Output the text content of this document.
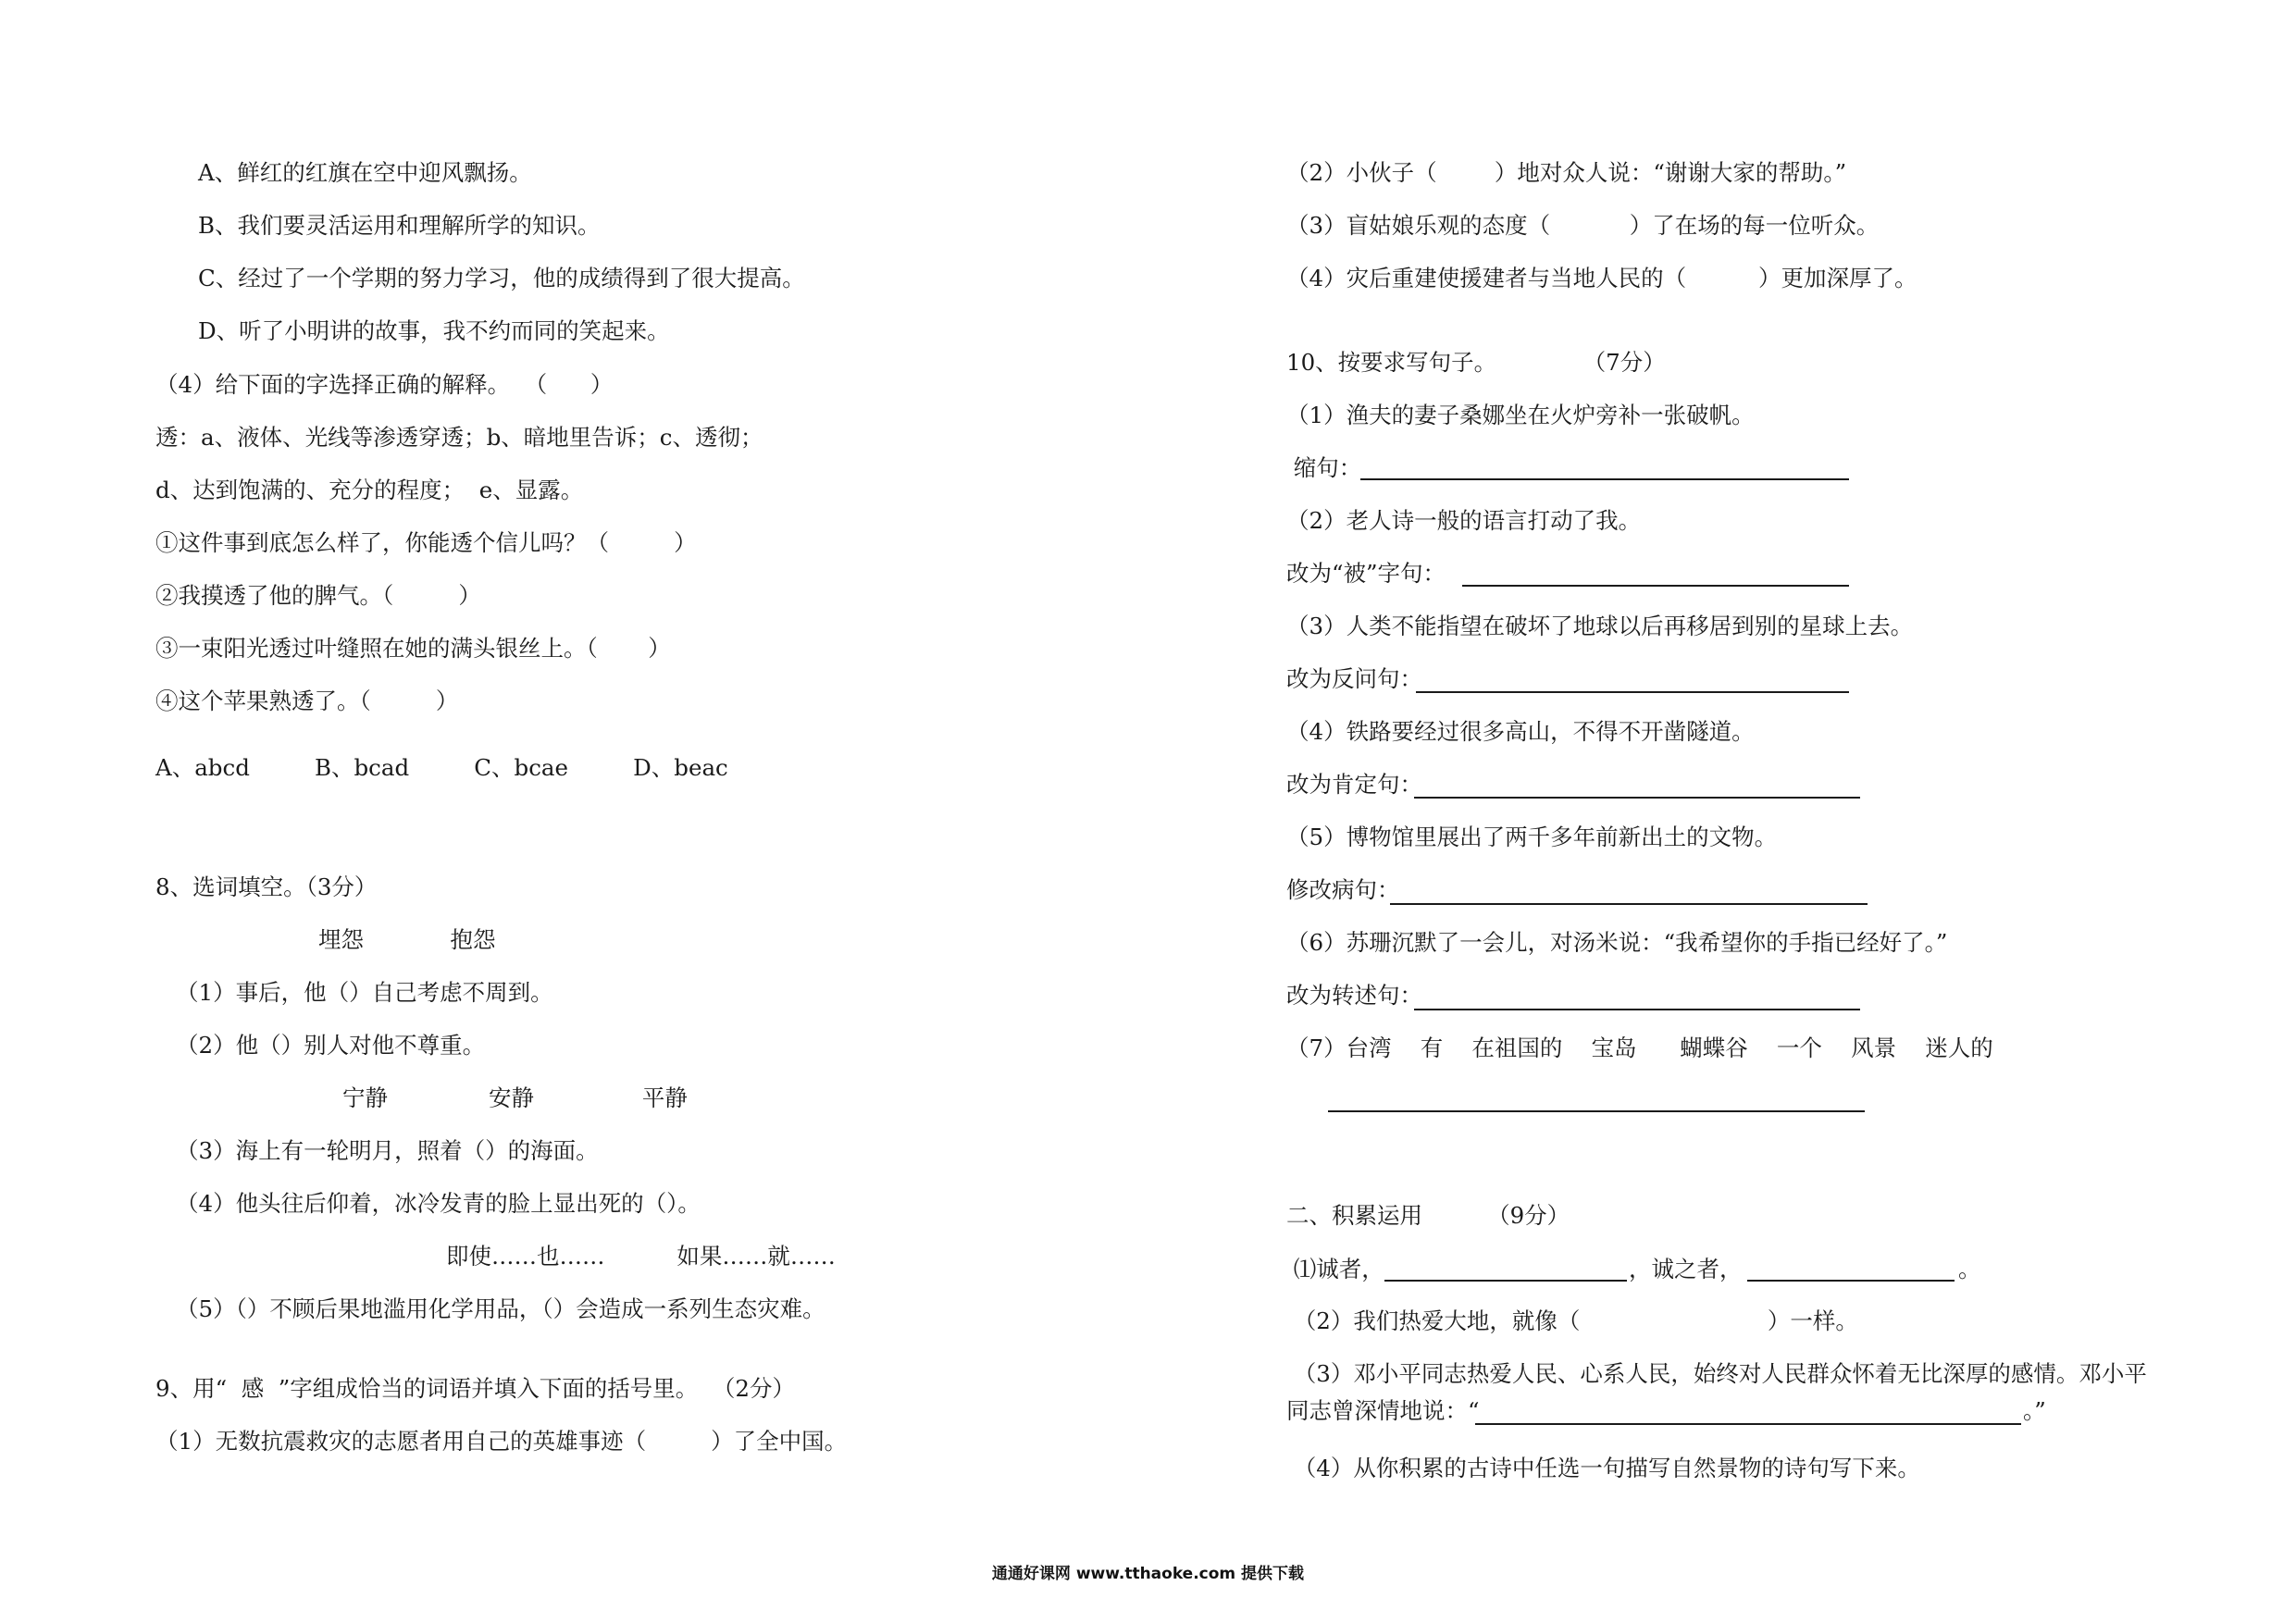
A、鲜红的红旗在空中迎风飘扬。
B、我们要灵活运用和理解所学的知识。
C、经过了一个学期的努力学习，他的成绩得到了很大提高。
D、听了小明讲的故事，我不约而同的笑起来。
（4）给下面的字选择正确的解释。  （      ）
透：a、液体、光线等渗透穿透；b、暗地里告诉；c、透彻；
d、达到饱满的、充分的程度；  e、显露。
①这件事到底怎么样了，你能透个信儿吗？（         ）
②我摸透了他的脾气。（         ）
③一束阳光透过叶缝照在她的满头银丝上。（       ）
④这个苹果熟透了。（         ）
A、abcd         B、bcad         C、bcae         D、beac
8、选词填空。（3分）
埋怨            抱怨
（1）事后，他（）自己考虑不周到。
（2）他（）别人对他不尊重。
宁静              安静               平静
（3）海上有一轮明月，照着（）的海面。
（4）他头往后仰着，冰冷发青的脸上显出死的（）。
即使……也……          如果……就……
（5）（）不顾后果地滥用化学用品，（）会造成一系列生态灾难。
9、用“  感  ”字组成恰当的词语并填入下面的括号里。  （2分）
（1）无数抗震救灾的志愿者用自己的英雄事迹（         ）了全中国。
（2）小伙子（        ）地对众人说：“谢谢大家的帮助。”
（3）盲姑娘乐观的态度（           ）了在场的每一位听众。
（4）灾后重建使援建者与当地人民的（          ）更加深厚了。
10、按要求写句子。            （7分）
（1）渔夫的妻子桑娜坐在火炉旁补一张破帆。
缩句：
（2）老人诗一般的语言打动了我。
改为“被”字句：
（3）人类不能指望在破坏了地球以后再移居到别的星球上去。
改为反问句：
（4）铁路要经过很多高山，不得不开凿隧道。
改为肯定句：
（5）博物馆里展出了两千多年前新出土的文物。
修改病句：
（6）苏珊沉默了一会儿，对汤米说：“我希望你的手指已经好了。”
改为转述句：
（7）台湾    有    在祖国的    宝岛      蝴蝶谷    一个    风景    迷人的
二、积累运用         （9分）
⑴诚者，	，诚之者，	。
（2）我们热爱大地，就像（                          ）一样。
（3）邓小平同志热爱人民、心系人民，始终对人民群众怀着无比深厚的感情。邓小平
同志曾深情地说：“	。”
（4）从你积累的古诗中任选一句描写自然景物的诗句写下来。
通通好课网 www.tthaoke.com 提供下载
